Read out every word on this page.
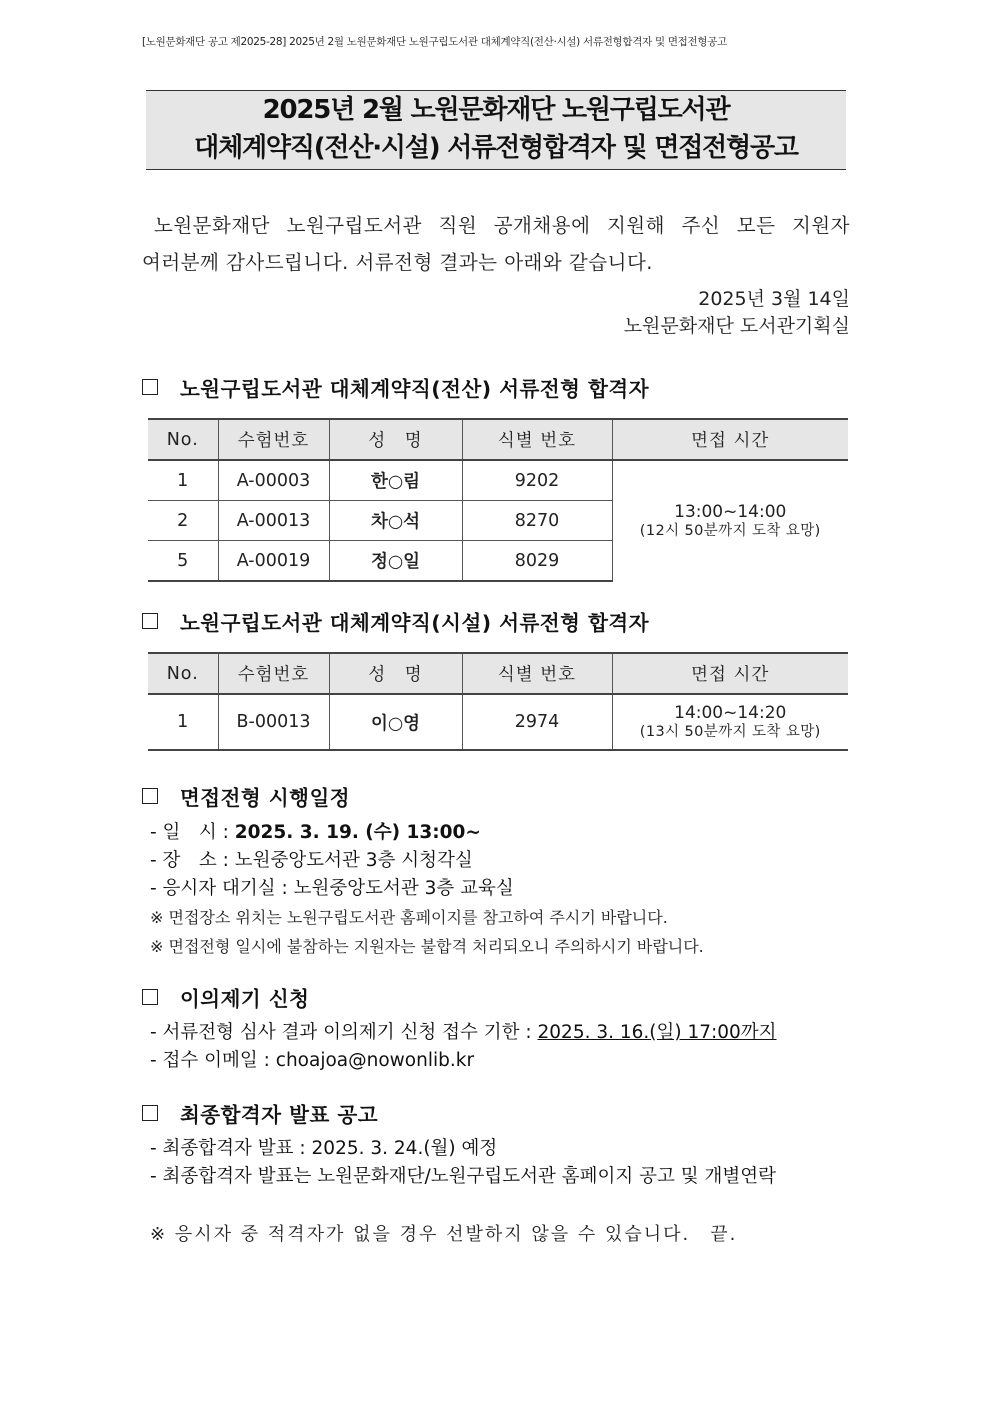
[노원문화재단 공고 제2025-28] 2025년 2월 노원문화재단 노원구립도서관 대체계약직(전산·시설) 서류전형합격자 및 면접전형공고
2025년 2월 노원문화재단 노원구립도서관
대체계약직(전산·시설) 서류전형합격자 및 면접전형공고
노원문화재단 노원구립도서관 직원 공개채용에 지원해 주신 모든 지원자
여러분께 감사드립니다. 서류전형 결과는 아래와 같습니다.
2025년 3월 14일
노원문화재단 도서관기획실
노원구립도서관 대체계약직(전산) 서류전형 합격자
No.	수험번호	성　명	식별 번호	면접 시간
1	A-00003	한○림	9202	13:00~14:00
(12시 50분까지 도착 요망)

2	A-00013	차○석	8270	
5	A-00019	정○일	8029	
노원구립도서관 대체계약직(시설) 서류전형 합격자
No.	수험번호	성　명	식별 번호	면접 시간
1	B-00013	이○영	2974	14:00~14:20
(13시 50분까지 도착 요망)
면접전형 시행일정
- 일　시 : 2025. 3. 19. (수) 13:00~
- 장　소 : 노원중앙도서관 3층 시청각실
- 응시자 대기실 : 노원중앙도서관 3층 교육실
※ 면접장소 위치는 노원구립도서관 홈페이지를 참고하여 주시기 바랍니다.
※ 면접전형 일시에 불참하는 지원자는 불합격 처리되오니 주의하시기 바랍니다.
이의제기 신청
- 서류전형 심사 결과 이의제기 신청 접수 기한 : 2025. 3. 16.(일) 17:00까지
- 접수 이메일 : choajoa@nowonlib.kr
최종합격자 발표 공고
- 최종합격자 발표 : 2025. 3. 24.(월) 예정
- 최종합격자 발표는 노원문화재단/노원구립도서관 홈페이지 공고 및 개별연락
※ 응시자 중 적격자가 없을 경우 선발하지 않을 수 있습니다.　끝.
